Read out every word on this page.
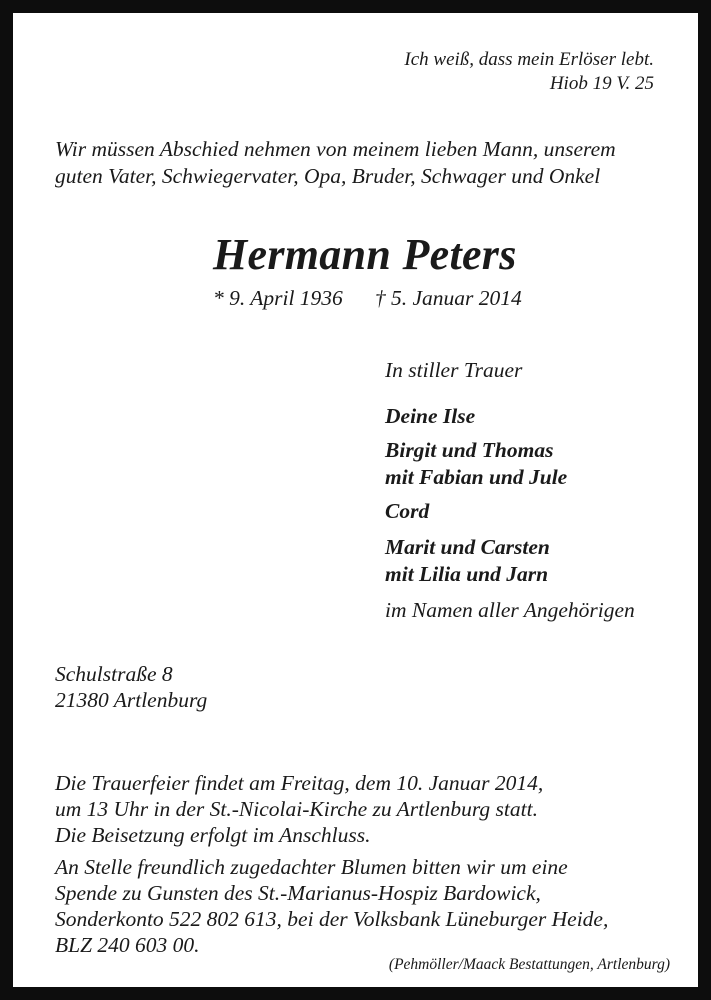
Ich weiß, dass mein Erlöser lebt.

Hiob 19 V. 25

Wir müssen Abschied nehmen von meinem lieben Mann, unserem

guten Vater, Schwiegervater, Opa, Bruder, Schwager und Onkel

Hermann Peters

* 9. April 1936 † 5. Januar 2014

In stiller Trauer

Deine Ilse

Birgit und Thomas

mit Fabian und Jule

Cord

Marit und Carsten

mit Lilia und Jarn

im Namen aller Angehörigen

Schulstraße 8

21380 Artlenburg

Die Trauerfeier findet am Freitag, dem 10. Januar 2014,

um 13 Uhr in der St.-Nicolai-Kirche zu Artlenburg statt.

Die Beisetzung erfolgt im Anschluss.

An Stelle freundlich zugedachter Blumen bitten wir um eine

Spende zu Gunsten des St.-Marianus-Hospiz Bardowick,

Sonderkonto 522 802 613, bei der Volksbank Lüneburger Heide,

BLZ 240 603 00.

(Pehmöller/Maack Bestattungen, Artlenburg)
